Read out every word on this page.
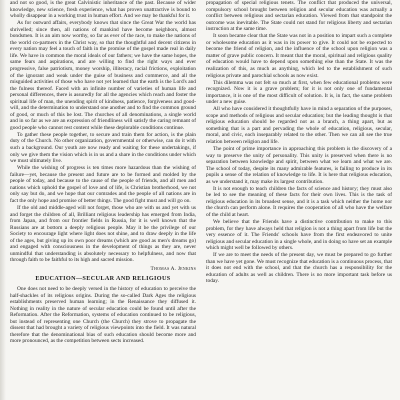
and not so good, is the great Calvinistic inheritance of the past. Because of wider knowledge, new science, fresh experience, what has proven unattractive is bound to wholly disappear in a working trust in human effort. And we may be thankful for it.

As for outward affairs, everybody knows that since the Great War the world has shrivelled; since then, all nations of mankind have become neighbors, almost bondsmen. It is an aim now worthy, so far as ever of the race, to make the nations of the world co-partners in the Christ way, so that the thoughtful and decent citizens in every nation may feel a touch of faith in the promise of the gospel made real in daily life. We have in common the moral ideals of our fathers; we have the same hopes, the same fears and aspirations, and are willing to find the right ways and ever progressive, false patriotism, money worship, illiteracy, racial frictions, exploitation of the ignorant and weak under the guise of business and commerce, and all the misguided activities of those who have not yet learned that the earth is the Lord's and the fulness thereof. Faced with an infinite number of varieties of human life and personal differences, there is assuredly for all the agencies which reach and foster the spiritual life of man, the unending spirit of kindness, patience, forgiveness and good-will, and the determination to understand one another and to find the common ground of good, or much of this be lost. The churches of all denominations, a single world and in so far as we are an expression of friendliness will satisfy the caring remnant of good people who cannot rest content while these deplorable conditions continue.

To gather these people together, to secure and train them for action, is the plain duty of the Church. No other organization, governmental or otherwise, can do it with such a background. Our youth are now ready and waiting for these undertakings, if only we give them the vision which is in us and a share in the conditions under which we must ultimately live.

While the wishing of progress is ten times more hazardous than the wishing of failure—yet, because the present and future are to be formed and molded by the people of today, and because to the cause of the people of friends, and all men and nations which uphold the gospel of love and of life, is Christian brotherhood, we not only say but do, and we hope that our comrades and the people of all nations are in fact the only hope and promise of better things. The good fight must and will go on.

If the old and middle-aged will not forget, those who are with us and yet with us and forget the children of all, Brilliant religious leadership has emerged from India, from Japan, and from our frontier fields in Russia, for it is well known that the Russians are at bottom a deeply religious people. May it be the privilege of our Society to encourage light where light does not shine, and to draw deeply in the life of the ages, but giving up its own poor dreams (which are good as men's dreams go) and engaged with consciousness in the development of things as they are, never unmindful that understanding is absolutely necessary to helpfulness, and now that through faith to be faithful to its high and sacred mission.

Thomas A. Jenkins
EDUCATION—SECULAR AND RELIGIOUS

One does not need to be deeply versed in the history of education to perceive the half-shackles of its religious origins. During the so-called Dark Ages the religious establishments preserved human learning; in the Renaissance they diffused it. Nothing in reality in the nature of secular education could be found until after the Reformation. After the Reformation, systems of education continued to be religious, but instead of representing one Church (the Church) they strove to propagate the dissent that had brought a variety of religious viewpoints into the field. It was natural therefore that the denominational bias of such education should become more and more pronounced, as the competition between sects increased.

propagation of special religious tenets. The conflict that produced the universal, compulsory school brought between religion and secular education was actually a conflict between religious and sectarian education. Viewed from that standpoint the outcome was inevitable. The State could not stand for religious liberty and sectarian instruction at the same time.

It soon became clear that the State was not in a position to impart such a complete or wholesome education as it was in its power to give. It could not be expected to become the friend of religion, and the influence of the school upon religion was a matter of grave public concern. It meant that the moral, spiritual and religious quality of education would have to depend upon something else than the State. It was the realization of this, as much as anything, which led to the establishment of such religious private and parochial schools as now exist.

This dilemma was not felt so much at first, when few educational problems were recognized. Now it is a grave problem; for it is not only one of fundamental importance, it is one of the most difficult of solution. It is, in fact, the same problem under a new guise.

All who have considered it thoughtfully have in mind a separation of the purposes, scope and methods of religious and secular education; but the leading thought is that religious education should be regarded not as a branch, a thing apart, but as something that is a part and pervading the whole of education, religious, secular, moral, and civic, each inseparably related to the other. Then we can all see the true relation between religion and life.

The point of prime importance in approaching this problem is the discovery of a way to preserve the unity of personality. This unity is preserved when there is no separation between knowledge and spirit, between what we learn and what we are. The school of today, despite its many admirable features, is failing to produce in its pupils a sense of the relation of knowledge to life. It is here that religious education, as we understand it, may make its largest contribution.

It is not enough to teach children the facts of science and history; they must also be led to see the meaning of these facts for their own lives. This is the task of religious education in its broadest sense, and it is a task which neither the home nor the church can perform alone. It requires the cooperation of all who have the welfare of the child at heart.

We believe that the Friends have a distinctive contribution to make to this problem, for they have always held that religion is not a thing apart from life but the very essence of it. The Friends' schools have from the first endeavored to unite religious and secular education in a single whole, and in doing so have set an example which might well be followed by others.

If we are to meet the needs of the present day, we must be prepared to go further than we have yet gone. We must recognize that education is a continuous process, that it does not end with the school, and that the church has a responsibility for the education of adults as well as children. There is no more important task before us today.
